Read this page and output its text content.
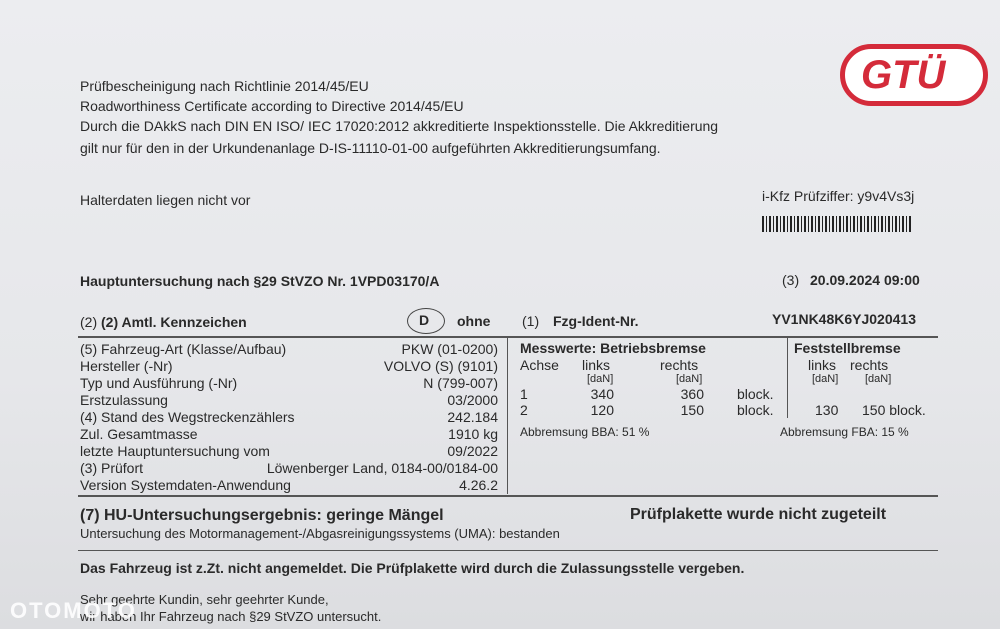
GTÜ
Prüfbescheinigung nach Richtlinie 2014/45/EU
Roadworthiness Certificate according to Directive 2014/45/EU
Durch die DAkkS nach DIN EN ISO/ IEC 17020:2012 akkreditierte Inspektionsstelle. Die Akkreditierung
gilt nur für den in der Urkundenanlage D-IS-11110-01-00 aufgeführten Akkreditierungsumfang.
Halterdaten liegen nicht vor	i-Kfz Prüfziffer: y9v4Vs3j
Hauptuntersuchung nach §29 StVZO Nr. 1VPD03170/A	(3) 20.09.2024 09:00
(2) (2) Amtl. Kennzeichen	D ohne (1) Fzg-Ident-Nr.	YV1NK48K6YJ020413
(5) Fahrzeug-Art (Klasse/Aufbau)	PKW (01-0200)
Hersteller (-Nr)	VOLVO (S) (9101)
Typ und Ausführung (-Nr)	N (799-007)
Erstzulassung	03/2000
(4) Stand des Wegstreckenzählers	242.184
Zul. Gesamtmasse	1910 kg
letzte Hauptuntersuchung vom	09/2022
(3) Prüfort	Löwenberger Land, 0184-00/0184-00
Version Systemdaten-Anwendung	4.26.2
Messwerte: Betriebsbremse
Achse links	rechts
[daN]	[daN]
1	340	360 block.
2	120	150 block.
Abbremsung BBA: 51 %
Feststellbremse
links rechts
[daN] [daN]
130 150 block.
Abbremsung FBA: 15 %
(7) HU-Untersuchungsergebnis: geringe Mängel	Prüfplakette wurde nicht zugeteilt
Untersuchung des Motormanagement-/Abgasreinigungssystems (UMA): bestanden
Das Fahrzeug ist z.Zt. nicht angemeldet. Die Prüfplakette wird durch die Zulassungsstelle vergeben.
Sehr geehrte Kundin, sehr geehrter Kunde,
wir haben Ihr Fahrzeug nach §29 StVZO untersucht.
OTOMOTO
